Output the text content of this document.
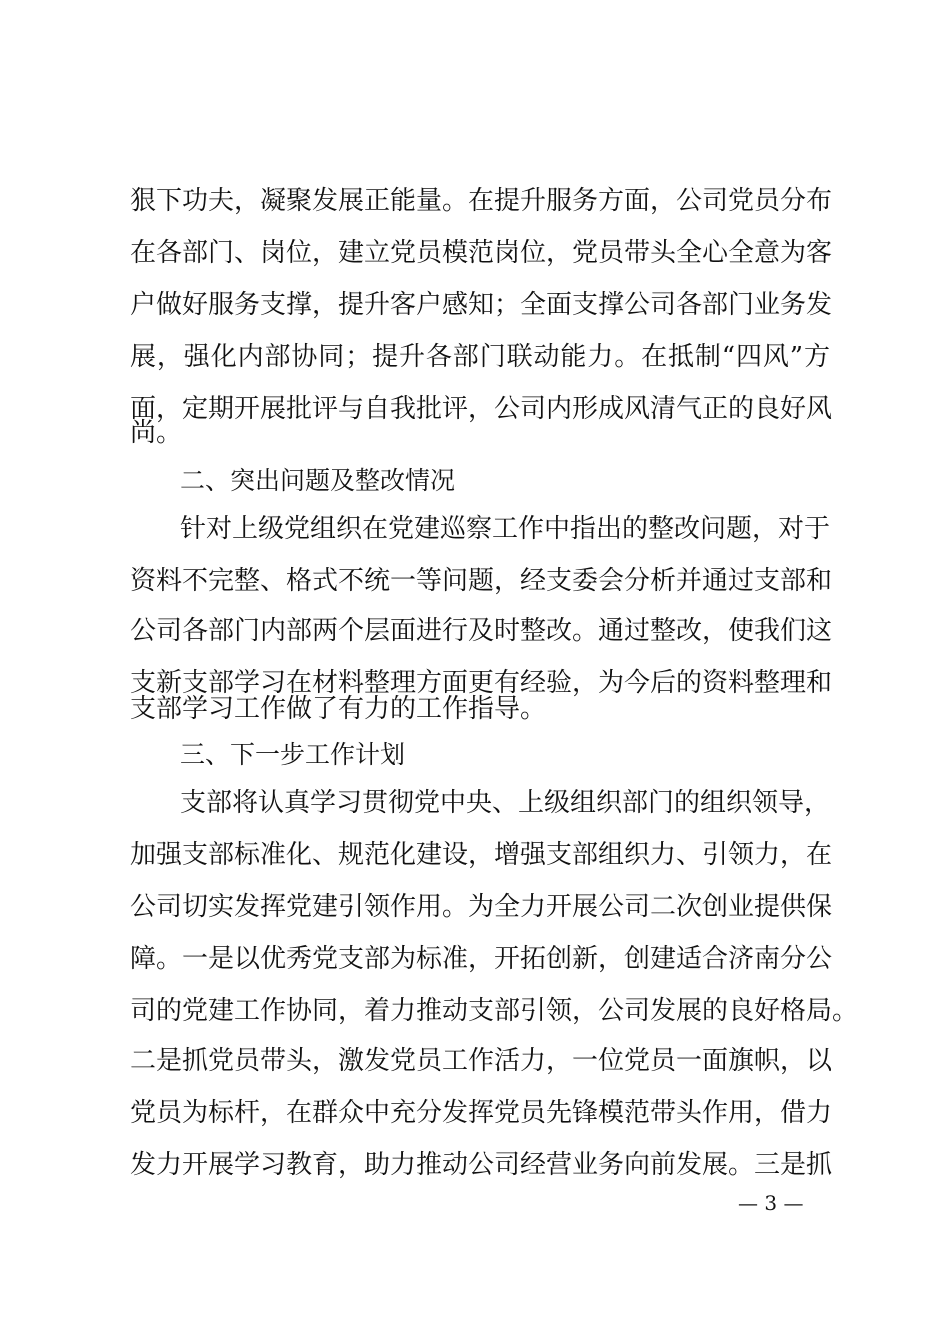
狠下功夫，凝聚发展正能量。在提升服务方面，公司党员分布
在各部门、岗位，建立党员模范岗位，党员带头全心全意为客
户做好服务支撑，提升客户感知；全面支撑公司各部门业务发
展，强化内部协同；提升各部门联动能力。在抵制“四风”方
面，定期开展批评与自我批评，公司内形成风清气正的良好风
尚。
二、突出问题及整改情况
针对上级党组织在党建巡察工作中指出的整改问题，对于
资料不完整、格式不统一等问题，经支委会分析并通过支部和
公司各部门内部两个层面进行及时整改。通过整改，使我们这
支新支部学习在材料整理方面更有经验，为今后的资料整理和
支部学习工作做了有力的工作指导。
三、下一步工作计划
支部将认真学习贯彻党中央、上级组织部门的组织领导，
加强支部标准化、规范化建设，增强支部组织力、引领力，在
公司切实发挥党建引领作用。为全力开展公司二次创业提供保
障。一是以优秀党支部为标准，开拓创新，创建适合济南分公
司的党建工作协同，着力推动支部引领，公司发展的良好格局。
二是抓党员带头，激发党员工作活力，一位党员一面旗帜，以
党员为标杆，在群众中充分发挥党员先锋模范带头作用，借力
发力开展学习教育，助力推动公司经营业务向前发展。三是抓
— 3 —
